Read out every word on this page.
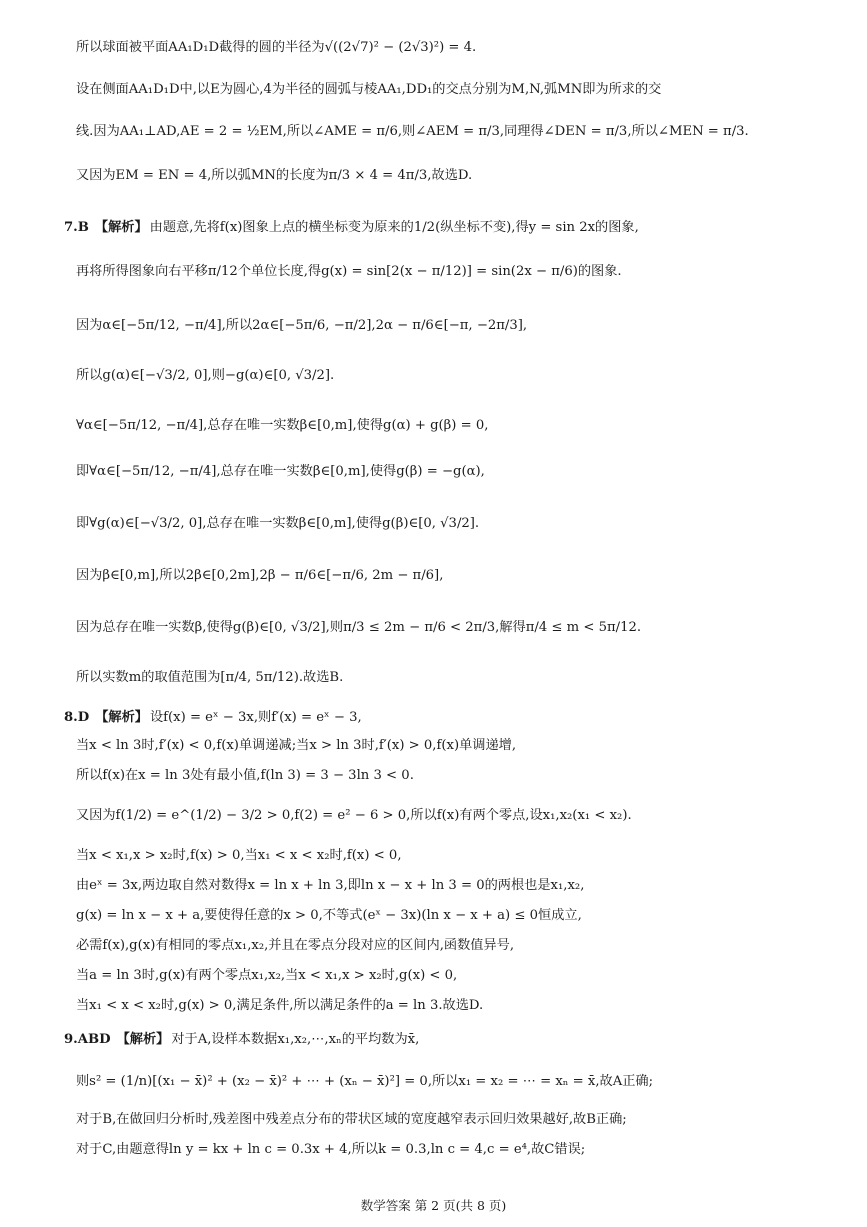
所以球面被平面AA₁D₁D截得的圆的半径为√((2√7)² − (2√3)²) = 4.
设在侧面AA₁D₁D中,以E为圆心,4为半径的圆弧与棱AA₁,DD₁的交点分别为M,N,弧MN即为所求的交
线.因为AA₁⊥AD,AE = 2 = ½EM,所以∠AME = π/6,则∠AEM = π/3,同理得∠DEN = π/3,所以∠MEN = π/3.
又因为EM = EN = 4,所以弧MN的长度为π/3 × 4 = 4π/3,故选D.
7.B 【解析】 由题意,先将f(x)图象上点的横坐标变为原来的1/2(纵坐标不变),得y = sin 2x的图象,
再将所得图象向右平移π/12个单位长度,得g(x) = sin[2(x − π/12)] = sin(2x − π/6)的图象.
因为α∈[−5π/12, −π/4],所以2α∈[−5π/6, −π/2],2α − π/6∈[−π, −2π/3],
所以g(α)∈[−√3/2, 0],则−g(α)∈[0, √3/2].
∀α∈[−5π/12, −π/4],总存在唯一实数β∈[0,m],使得g(α) + g(β) = 0,
即∀α∈[−5π/12, −π/4],总存在唯一实数β∈[0,m],使得g(β) = −g(α),
即∀g(α)∈[−√3/2, 0],总存在唯一实数β∈[0,m],使得g(β)∈[0, √3/2].
因为β∈[0,m],所以2β∈[0,2m],2β − π/6∈[−π/6, 2m − π/6],
因为总存在唯一实数β,使得g(β)∈[0, √3/2],则π/3 ≤ 2m − π/6 < 2π/3,解得π/4 ≤ m < 5π/12.
所以实数m的取值范围为[π/4, 5π/12).故选B.
8.D 【解析】 设f(x) = eˣ − 3x,则f′(x) = eˣ − 3,
当x < ln 3时,f′(x) < 0,f(x)单调递减;当x > ln 3时,f′(x) > 0,f(x)单调递增,
所以f(x)在x = ln 3处有最小值,f(ln 3) = 3 − 3ln 3 < 0.
又因为f(1/2) = e^(1/2) − 3/2 > 0,f(2) = e² − 6 > 0,所以f(x)有两个零点,设x₁,x₂(x₁ < x₂).
当x < x₁,x > x₂时,f(x) > 0,当x₁ < x < x₂时,f(x) < 0,
由eˣ = 3x,两边取自然对数得x = ln x + ln 3,即ln x − x + ln 3 = 0的两根也是x₁,x₂,
g(x) = ln x − x + a,要使得任意的x > 0,不等式(eˣ − 3x)(ln x − x + a) ≤ 0恒成立,
必需f(x),g(x)有相同的零点x₁,x₂,并且在零点分段对应的区间内,函数值异号,
当a = ln 3时,g(x)有两个零点x₁,x₂,当x < x₁,x > x₂时,g(x) < 0,
当x₁ < x < x₂时,g(x) > 0,满足条件,所以满足条件的a = ln 3.故选D.
9.ABD 【解析】 对于A,设样本数据x₁,x₂,⋯,xₙ的平均数为x̄,
则s² = (1/n)[(x₁ − x̄)² + (x₂ − x̄)² + ⋯ + (xₙ − x̄)²] = 0,所以x₁ = x₂ = ⋯ = xₙ = x̄,故A正确;
对于B,在做回归分析时,残差图中残差点分布的带状区域的宽度越窄表示回归效果越好,故B正确;
对于C,由题意得ln y = kx + ln c = 0.3x + 4,所以k = 0.3,ln c = 4,c = e⁴,故C错误;
数学答案 第 2 页(共 8 页)
